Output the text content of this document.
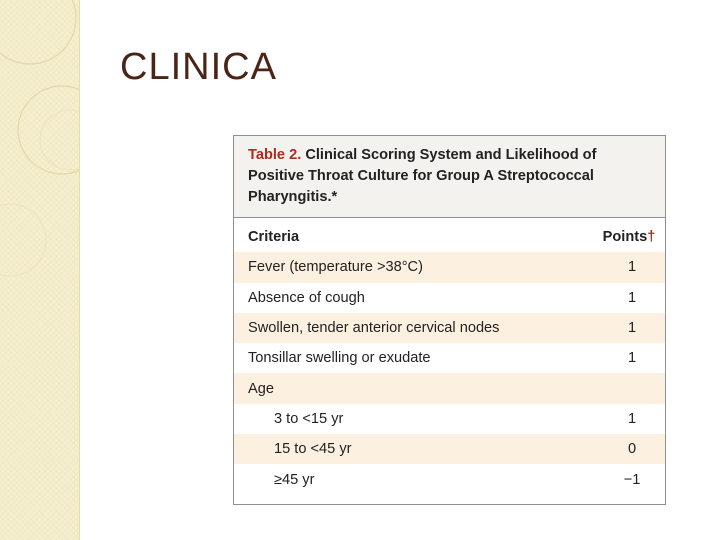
CLINICA
Table 2. Clinical Scoring System and Likelihood of Positive Throat Culture for Group A Streptococcal Pharyngitis.*
Criteria	Points†
Fever (temperature >38°C)	1
Absence of cough	1
Swollen, tender anterior cervical nodes	1
Tonsillar swelling or exudate	1
Age	
3 to <15 yr	1
15 to <45 yr	0
≥45 yr	−1
